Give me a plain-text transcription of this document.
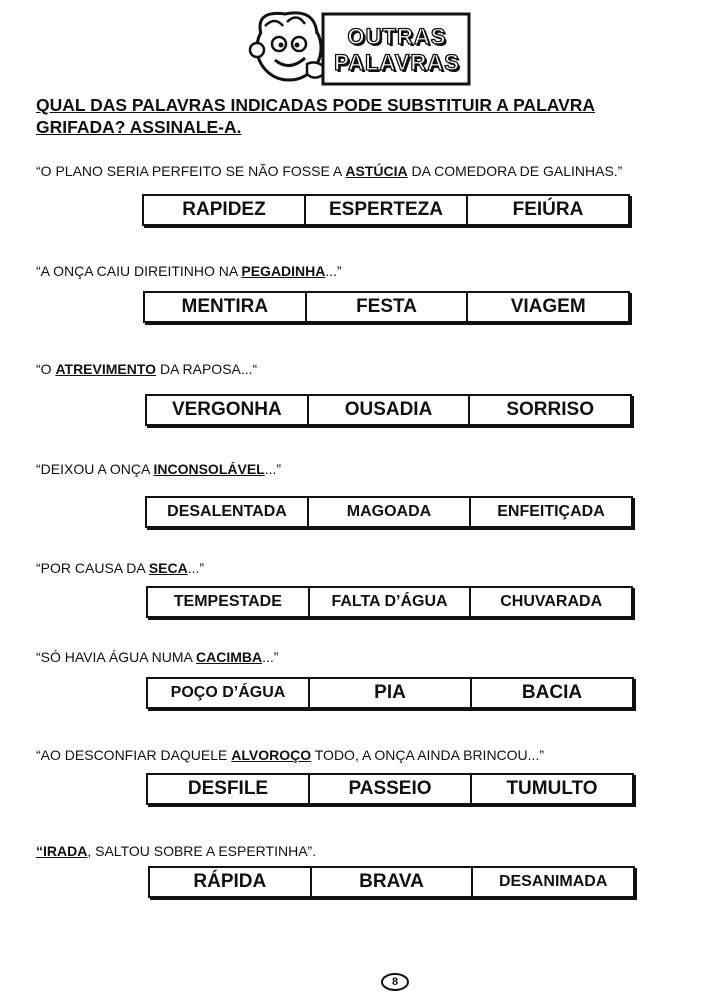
OUTRAS
PALAVRAS
QUAL DAS PALAVRAS INDICADAS PODE SUBSTITUIR A PALAVRA GRIFADA? ASSINALE-A.
“O PLANO SERIA PERFEITO SE NÃO FOSSE A ASTÚCIA DA COMEDORA DE GALINHAS.”
RAPIDEZ	ESPERTEZA	FEIÚRA
“A ONÇA CAIU DIREITINHO NA PEGADINHA...”
MENTIRA	FESTA	VIAGEM
“O ATREVIMENTO DA RAPOSA...“
VERGONHA	OUSADIA	SORRISO
“DEIXOU A ONÇA INCONSOLÁVEL...”
DESALENTADA	MAGOADA	ENFEITIÇADA
“POR CAUSA DA SECA...”
TEMPESTADE	FALTA D’ÁGUA	CHUVARADA
“SÓ HAVIA ÁGUA NUMA CACIMBA...”
POÇO D’ÁGUA	PIA	BACIA
“AO DESCONFIAR DAQUELE ALVOROÇO TODO, A ONÇA AINDA BRINCOU...”
DESFILE	PASSEIO	TUMULTO
“IRADA, SALTOU SOBRE A ESPERTINHA”.
RÁPIDA	BRAVA	DESANIMADA
8
